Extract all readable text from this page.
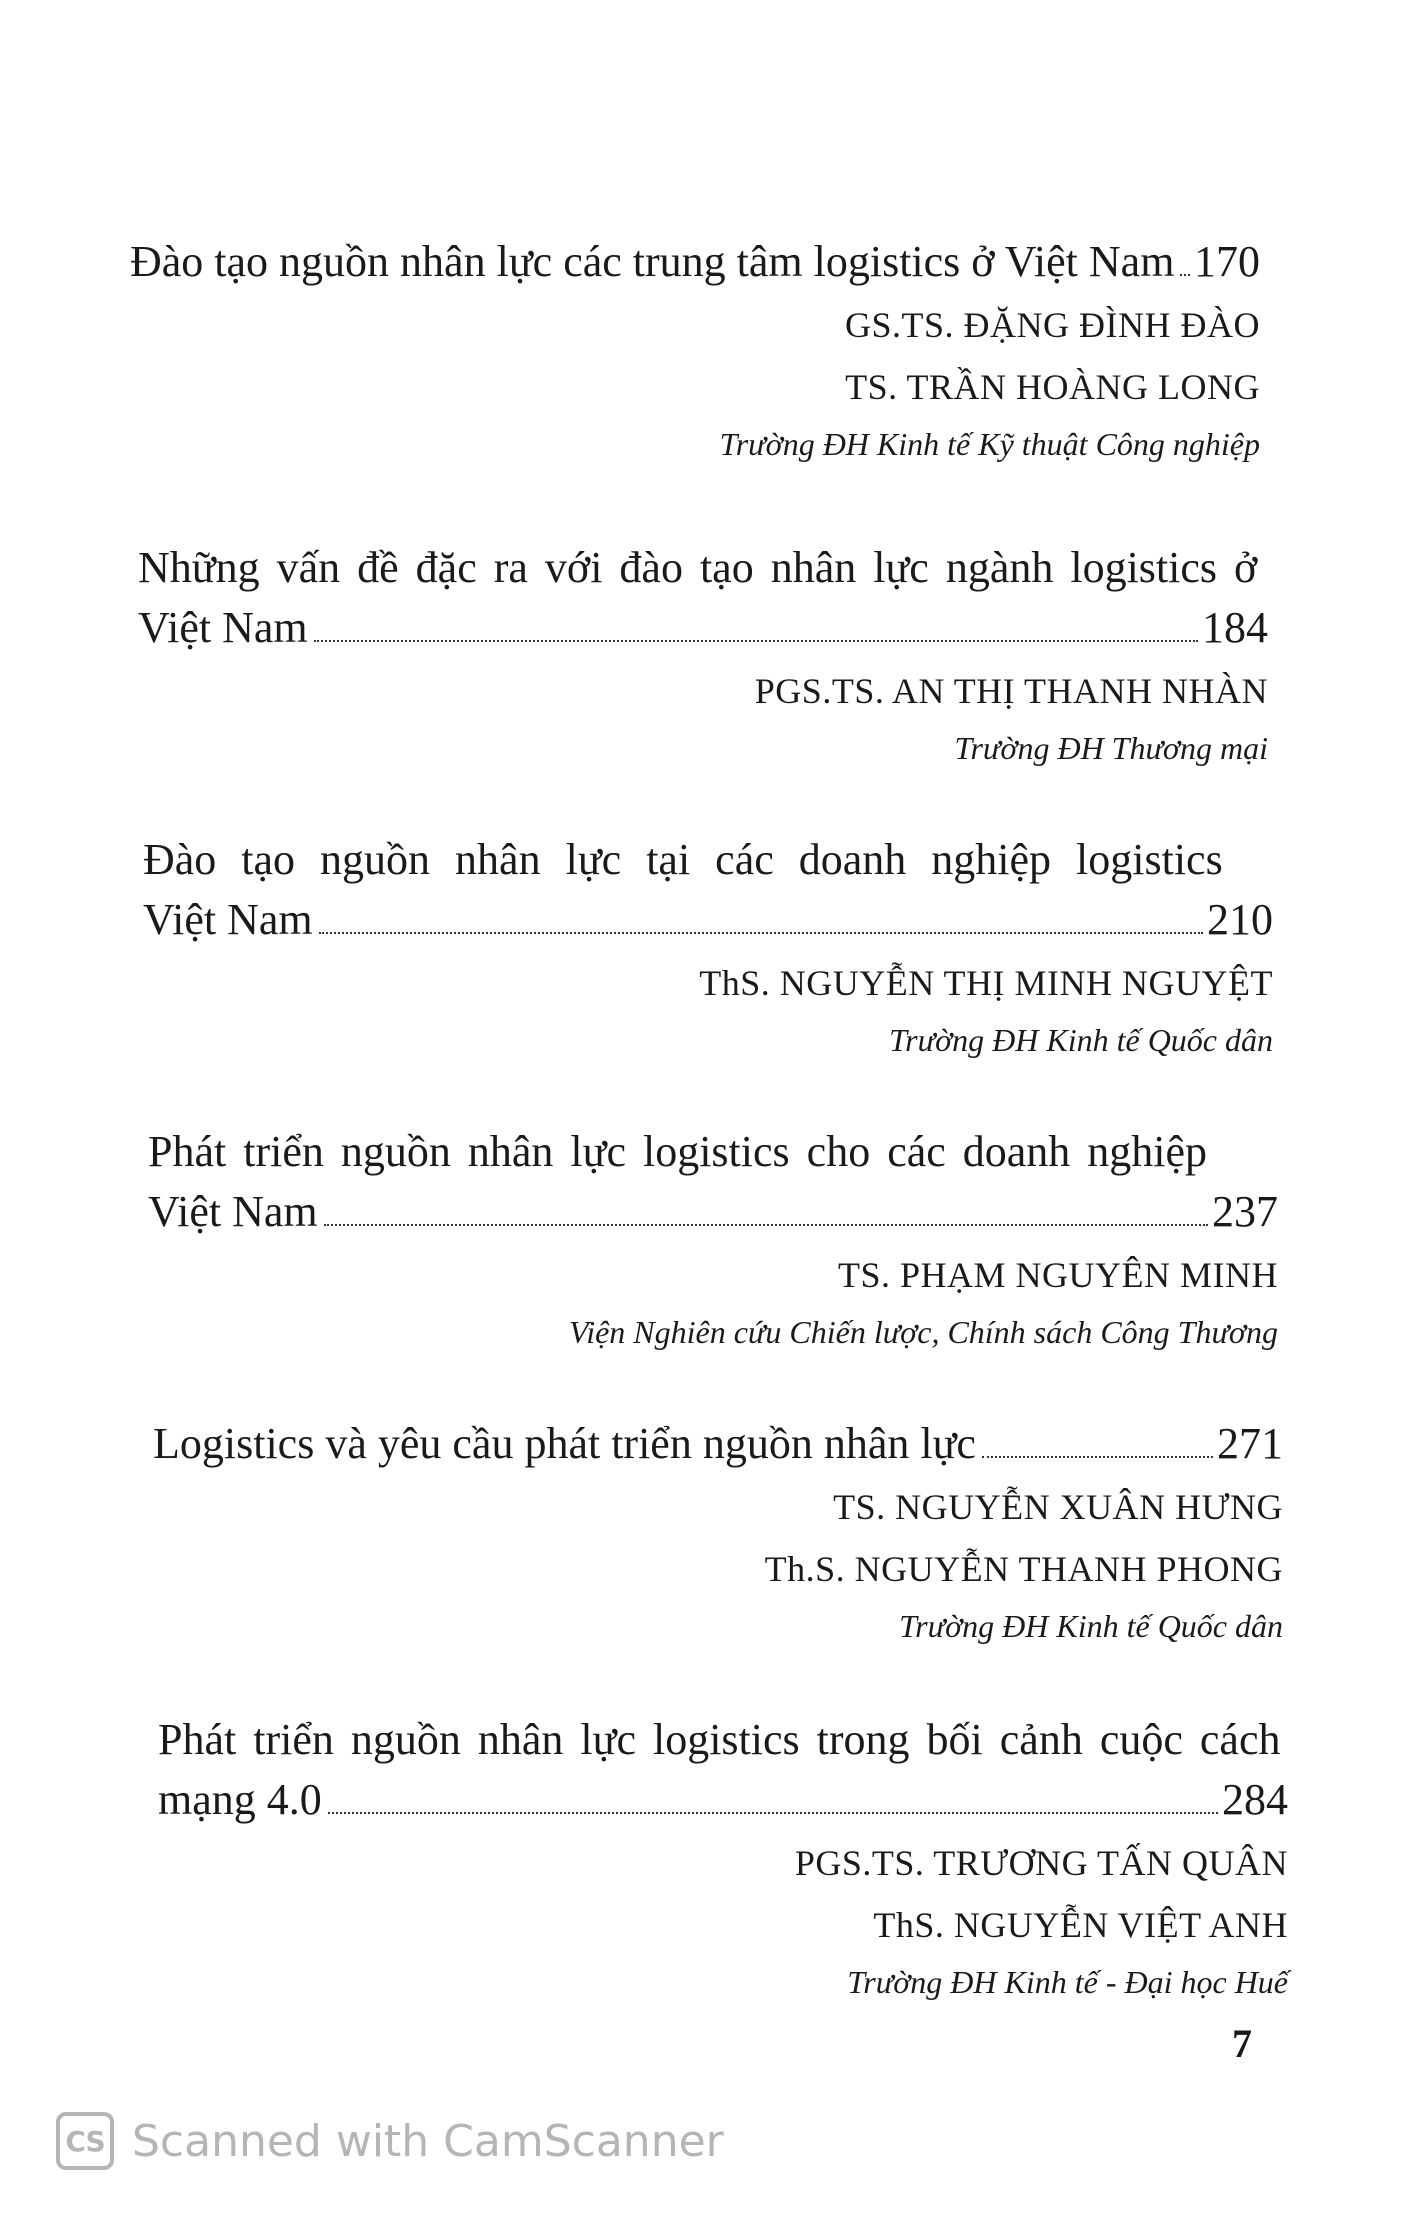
Đào tạo nguồn nhân lực các trung tâm logistics ở Việt Nam 170
GS.TS. ĐẶNG ĐÌNH ĐÀO
TS. TRẦN HOÀNG LONG
Trường ĐH Kinh tế Kỹ thuật Công nghiệp
Những vấn đề đặc ra với đào tạo nhân lực ngành logistics ở
Việt Nam	184
PGS.TS. AN THỊ THANH NHÀN
Trường ĐH Thương mại
Đào tạo nguồn nhân lực tại các doanh nghiệp logistics
Việt Nam	210
ThS. NGUYỄN THỊ MINH NGUYỆT
Trường ĐH Kinh tế Quốc dân
Phát triển nguồn nhân lực logistics cho các doanh nghiệp
Việt Nam	237
TS. PHẠM NGUYÊN MINH
Viện Nghiên cứu Chiến lược, Chính sách Công Thương
Logistics và yêu cầu phát triển nguồn nhân lực	271
TS. NGUYỄN XUÂN HƯNG
Th.S. NGUYỄN THANH PHONG
Trường ĐH Kinh tế Quốc dân
Phát triển nguồn nhân lực logistics trong bối cảnh cuộc cách
mạng 4.0	284
PGS.TS. TRƯƠNG TẤN QUÂN
ThS. NGUYỄN VIỆT ANH
Trường ĐH Kinh tế - Đại học Huế
7
CS Scanned with CamScanner
